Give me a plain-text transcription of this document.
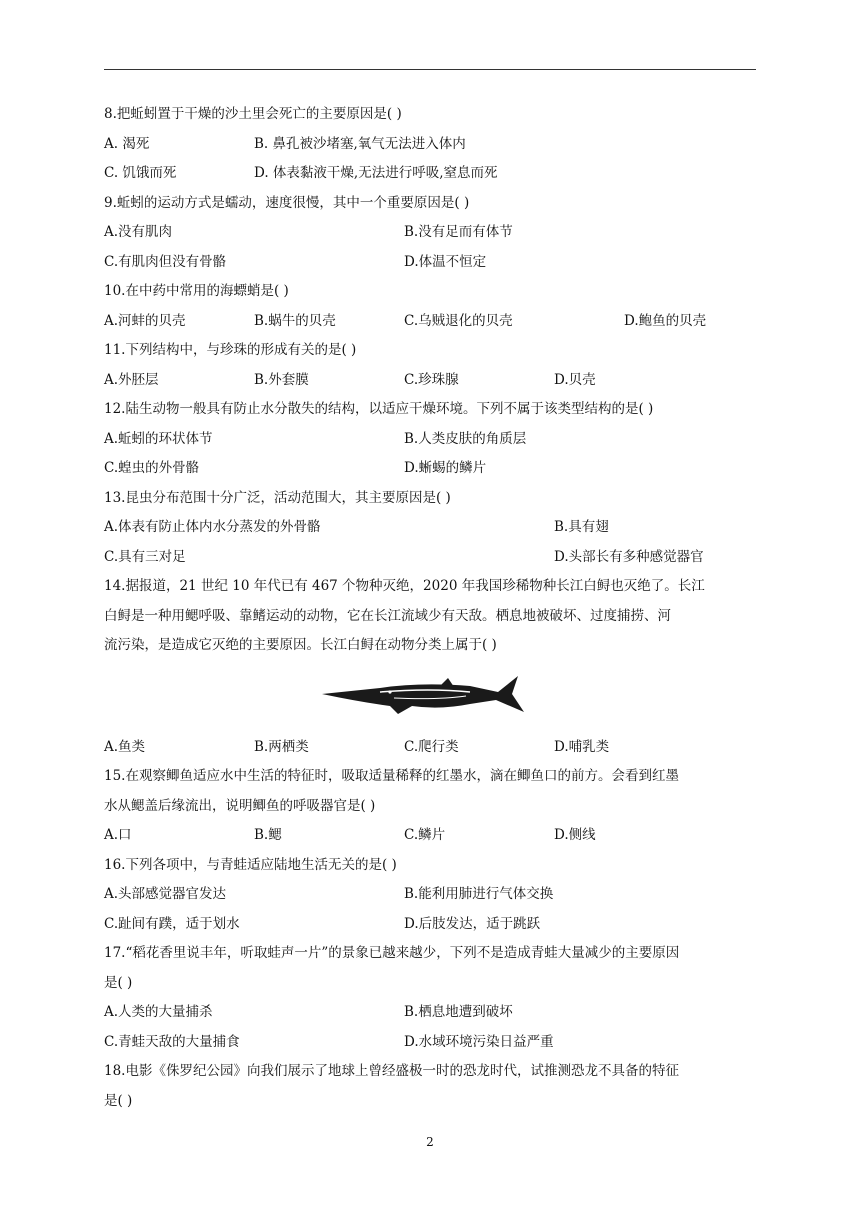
8.把蚯蚓置于干燥的沙土里会死亡的主要原因是( )
A. 渴死	B. 鼻孔被沙堵塞,氧气无法进入体内
C. 饥饿而死	D. 体表黏液干燥,无法进行呼吸,窒息而死
9.蚯蚓的运动方式是蠕动，速度很慢，其中一个重要原因是( )
A.没有肌肉	B.没有足而有体节
C.有肌肉但没有骨骼	D.体温不恒定
10.在中药中常用的海螵蛸是( )
A.河蚌的贝壳	B.蜗牛的贝壳	C.乌贼退化的贝壳	D.鲍鱼的贝壳
11.下列结构中，与珍珠的形成有关的是( )
A.外胚层	B.外套膜	C.珍珠腺	D.贝壳
12.陆生动物一般具有防止水分散失的结构，以适应干燥环境。下列不属于该类型结构的是( )
A.蚯蚓的环状体节	B.人类皮肤的角质层
C.蝗虫的外骨骼	D.蜥蜴的鳞片
13.昆虫分布范围十分广泛，活动范围大，其主要原因是( )
A.体表有防止体内水分蒸发的外骨骼	B.具有翅
C.具有三对足	D.头部长有多种感觉器官
14.据报道，21 世纪 10 年代已有 467 个物种灭绝，2020 年我国珍稀物种长江白鲟也灭绝了。长江
白鲟是一种用鳃呼吸、靠鳍运动的动物，它在长江流域少有天敌。栖息地被破坏、过度捕捞、河
流污染，是造成它灭绝的主要原因。长江白鲟在动物分类上属于( )
A.鱼类	B.两栖类	C.爬行类	D.哺乳类
15.在观察鲫鱼适应水中生活的特征时，吸取适量稀释的红墨水，滴在鲫鱼口的前方。会看到红墨
水从鳃盖后缘流出，说明鲫鱼的呼吸器官是( )
A.口	B.鳃	C.鳞片	D.侧线
16.下列各项中，与青蛙适应陆地生活无关的是( )
A.头部感觉器官发达	B.能利用肺进行气体交换
C.趾间有蹼，适于划水	D.后肢发达，适于跳跃
17.“稻花香里说丰年，听取蛙声一片”的景象已越来越少，下列不是造成青蛙大量减少的主要原因
是( )
A.人类的大量捕杀	B.栖息地遭到破坏
C.青蛙天敌的大量捕食	D.水域环境污染日益严重
18.电影《侏罗纪公园》向我们展示了地球上曾经盛极一时的恐龙时代，试推测恐龙不具备的特征
是( )
2
